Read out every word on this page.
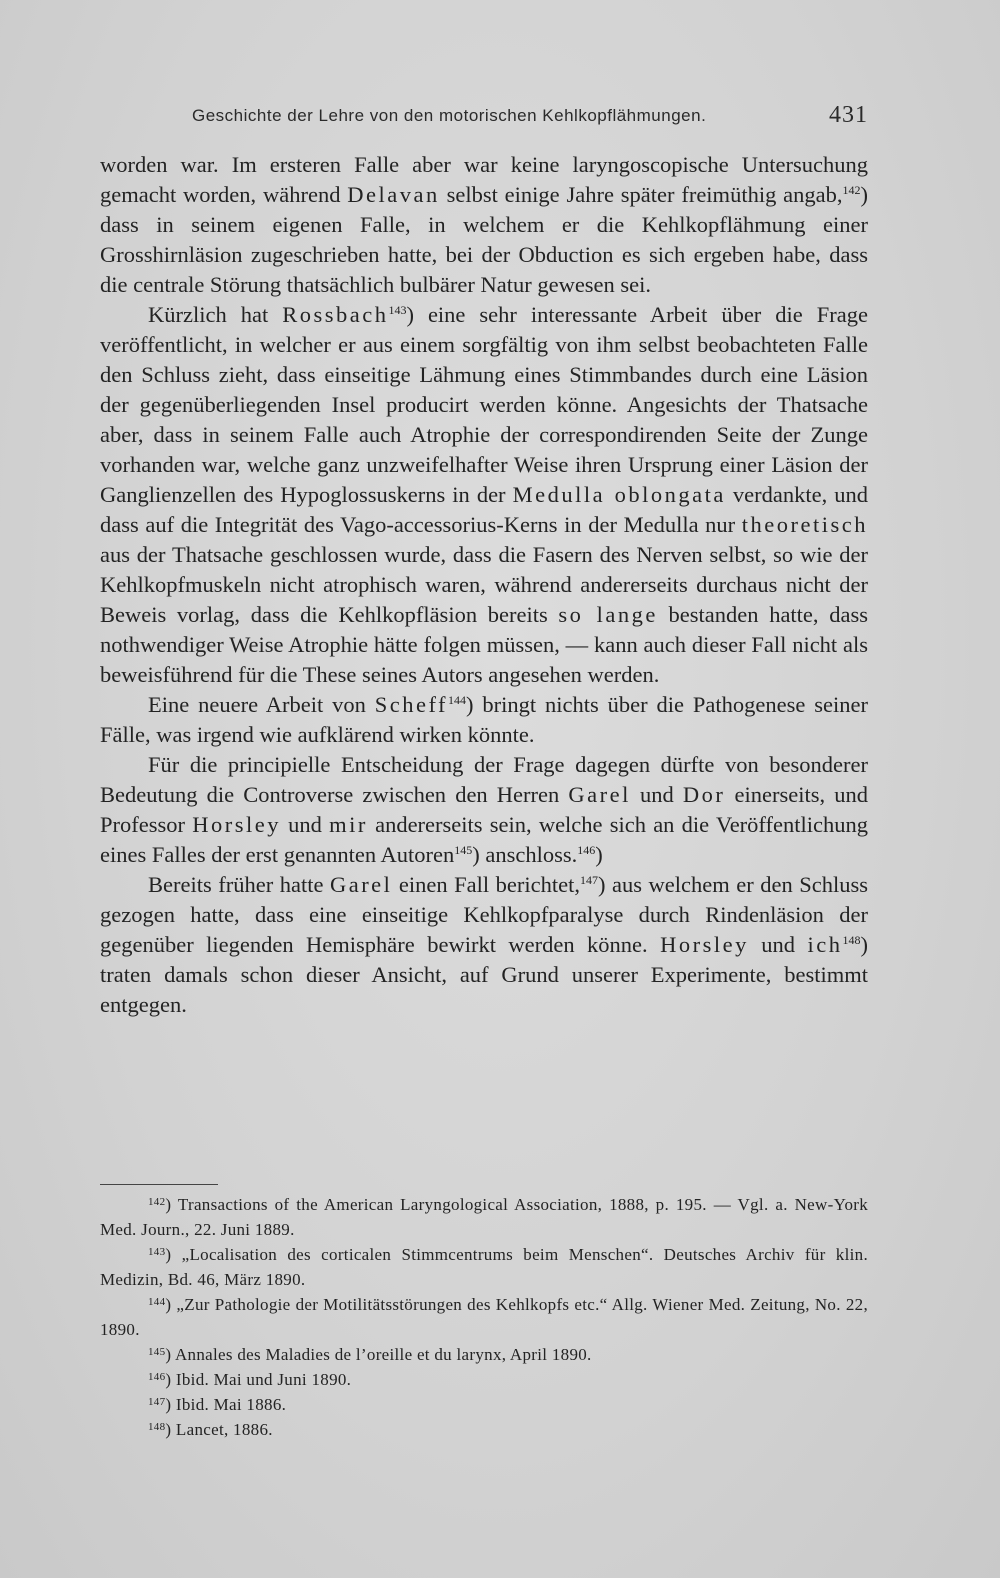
Geschichte der Lehre von den motorischen Kehlkopflähmungen.	431

worden war. Im ersteren Falle aber war keine laryngoscopische Untersuchung gemacht worden, während Delavan selbst einige Jahre später freimüthig angab,$^{142}$) dass in seinem eigenen Falle, in welchem er die Kehlkopflähmung einer Grosshirnläsion zugeschrieben hatte, bei der Obduction es sich ergeben habe, dass die centrale Störung thatsächlich bulbärer Natur gewesen sei.

Kürzlich hat Rossbach$^{143}$) eine sehr interessante Arbeit über die Frage veröffentlicht, in welcher er aus einem sorgfältig von ihm selbst beobachteten Falle den Schluss zieht, dass einseitige Lähmung eines Stimmbandes durch eine Läsion der gegenüberliegenden Insel producirt werden könne. Angesichts der Thatsache aber, dass in seinem Falle auch Atrophie der correspondirenden Seite der Zunge vorhanden war, welche ganz unzweifelhafter Weise ihren Ursprung einer Läsion der Ganglienzellen des Hypoglossuskerns in der Medulla oblongata verdankte, und dass auf die Integrität des Vago-accessorius-Kerns in der Medulla nur theoretisch aus der Thatsache geschlossen wurde, dass die Fasern des Nerven selbst, so wie der Kehlkopfmuskeln nicht atrophisch waren, während andererseits durchaus nicht der Beweis vorlag, dass die Kehlkopfläsion bereits so lange bestanden hatte, dass nothwendiger Weise Atrophie hätte folgen müssen, — kann auch dieser Fall nicht als beweisführend für die These seines Autors angesehen werden.

Eine neuere Arbeit von Scheff$^{144}$) bringt nichts über die Pathogenese seiner Fälle, was irgend wie aufklärend wirken könnte.

Für die principielle Entscheidung der Frage dagegen dürfte von besonderer Bedeutung die Controverse zwischen den Herren Garel und Dor einerseits, und Professor Horsley und mir andererseits sein, welche sich an die Veröffentlichung eines Falles der erst genannten Autoren$^{145}$) anschloss.$^{146}$)

Bereits früher hatte Garel einen Fall berichtet,$^{147}$) aus welchem er den Schluss gezogen hatte, dass eine einseitige Kehlkopfparalyse durch Rindenläsion der gegenüber liegenden Hemisphäre bewirkt werden könne. Horsley und ich$^{148}$) traten damals schon dieser Ansicht, auf Grund unserer Experimente, bestimmt entgegen.

$^{142}$) Transactions of the American Laryngological Association, 1888, p. 195. — Vgl. a. New-York Med. Journ., 22. Juni 1889.

$^{143}$) „Localisation des corticalen Stimmcentrums beim Menschen“. Deutsches Archiv für klin. Medizin, Bd. 46, März 1890.

$^{144}$) „Zur Pathologie der Motilitätsstörungen des Kehlkopfs etc.“ Allg. Wiener Med. Zeitung, No. 22, 1890.

$^{145}$) Annales des Maladies de l’oreille et du larynx, April 1890.

$^{146}$) Ibid. Mai und Juni 1890.

$^{147}$) Ibid. Mai 1886.

$^{148}$) Lancet, 1886.
